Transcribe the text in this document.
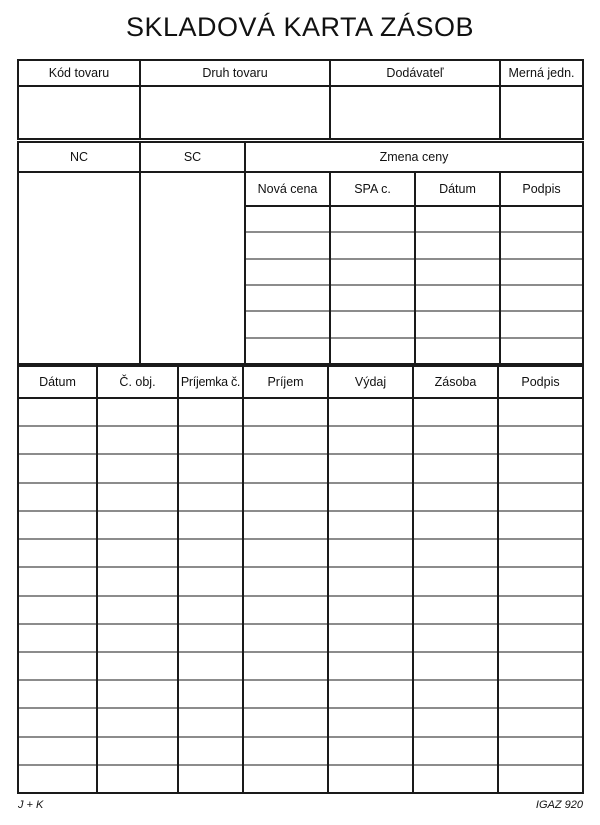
SKLADOVÁ KARTA ZÁSOB
Kód tovaru	Druh tovaru	Dodávateľ	Merná jedn.
NC	SC	Zmena ceny
Nová cena	SPA c.	Dátum	Podpis
Dátum	Č. obj.	Príjemka č.	Príjem	Výdaj	Zásoba	Podpis
J + K	IGAZ 920
